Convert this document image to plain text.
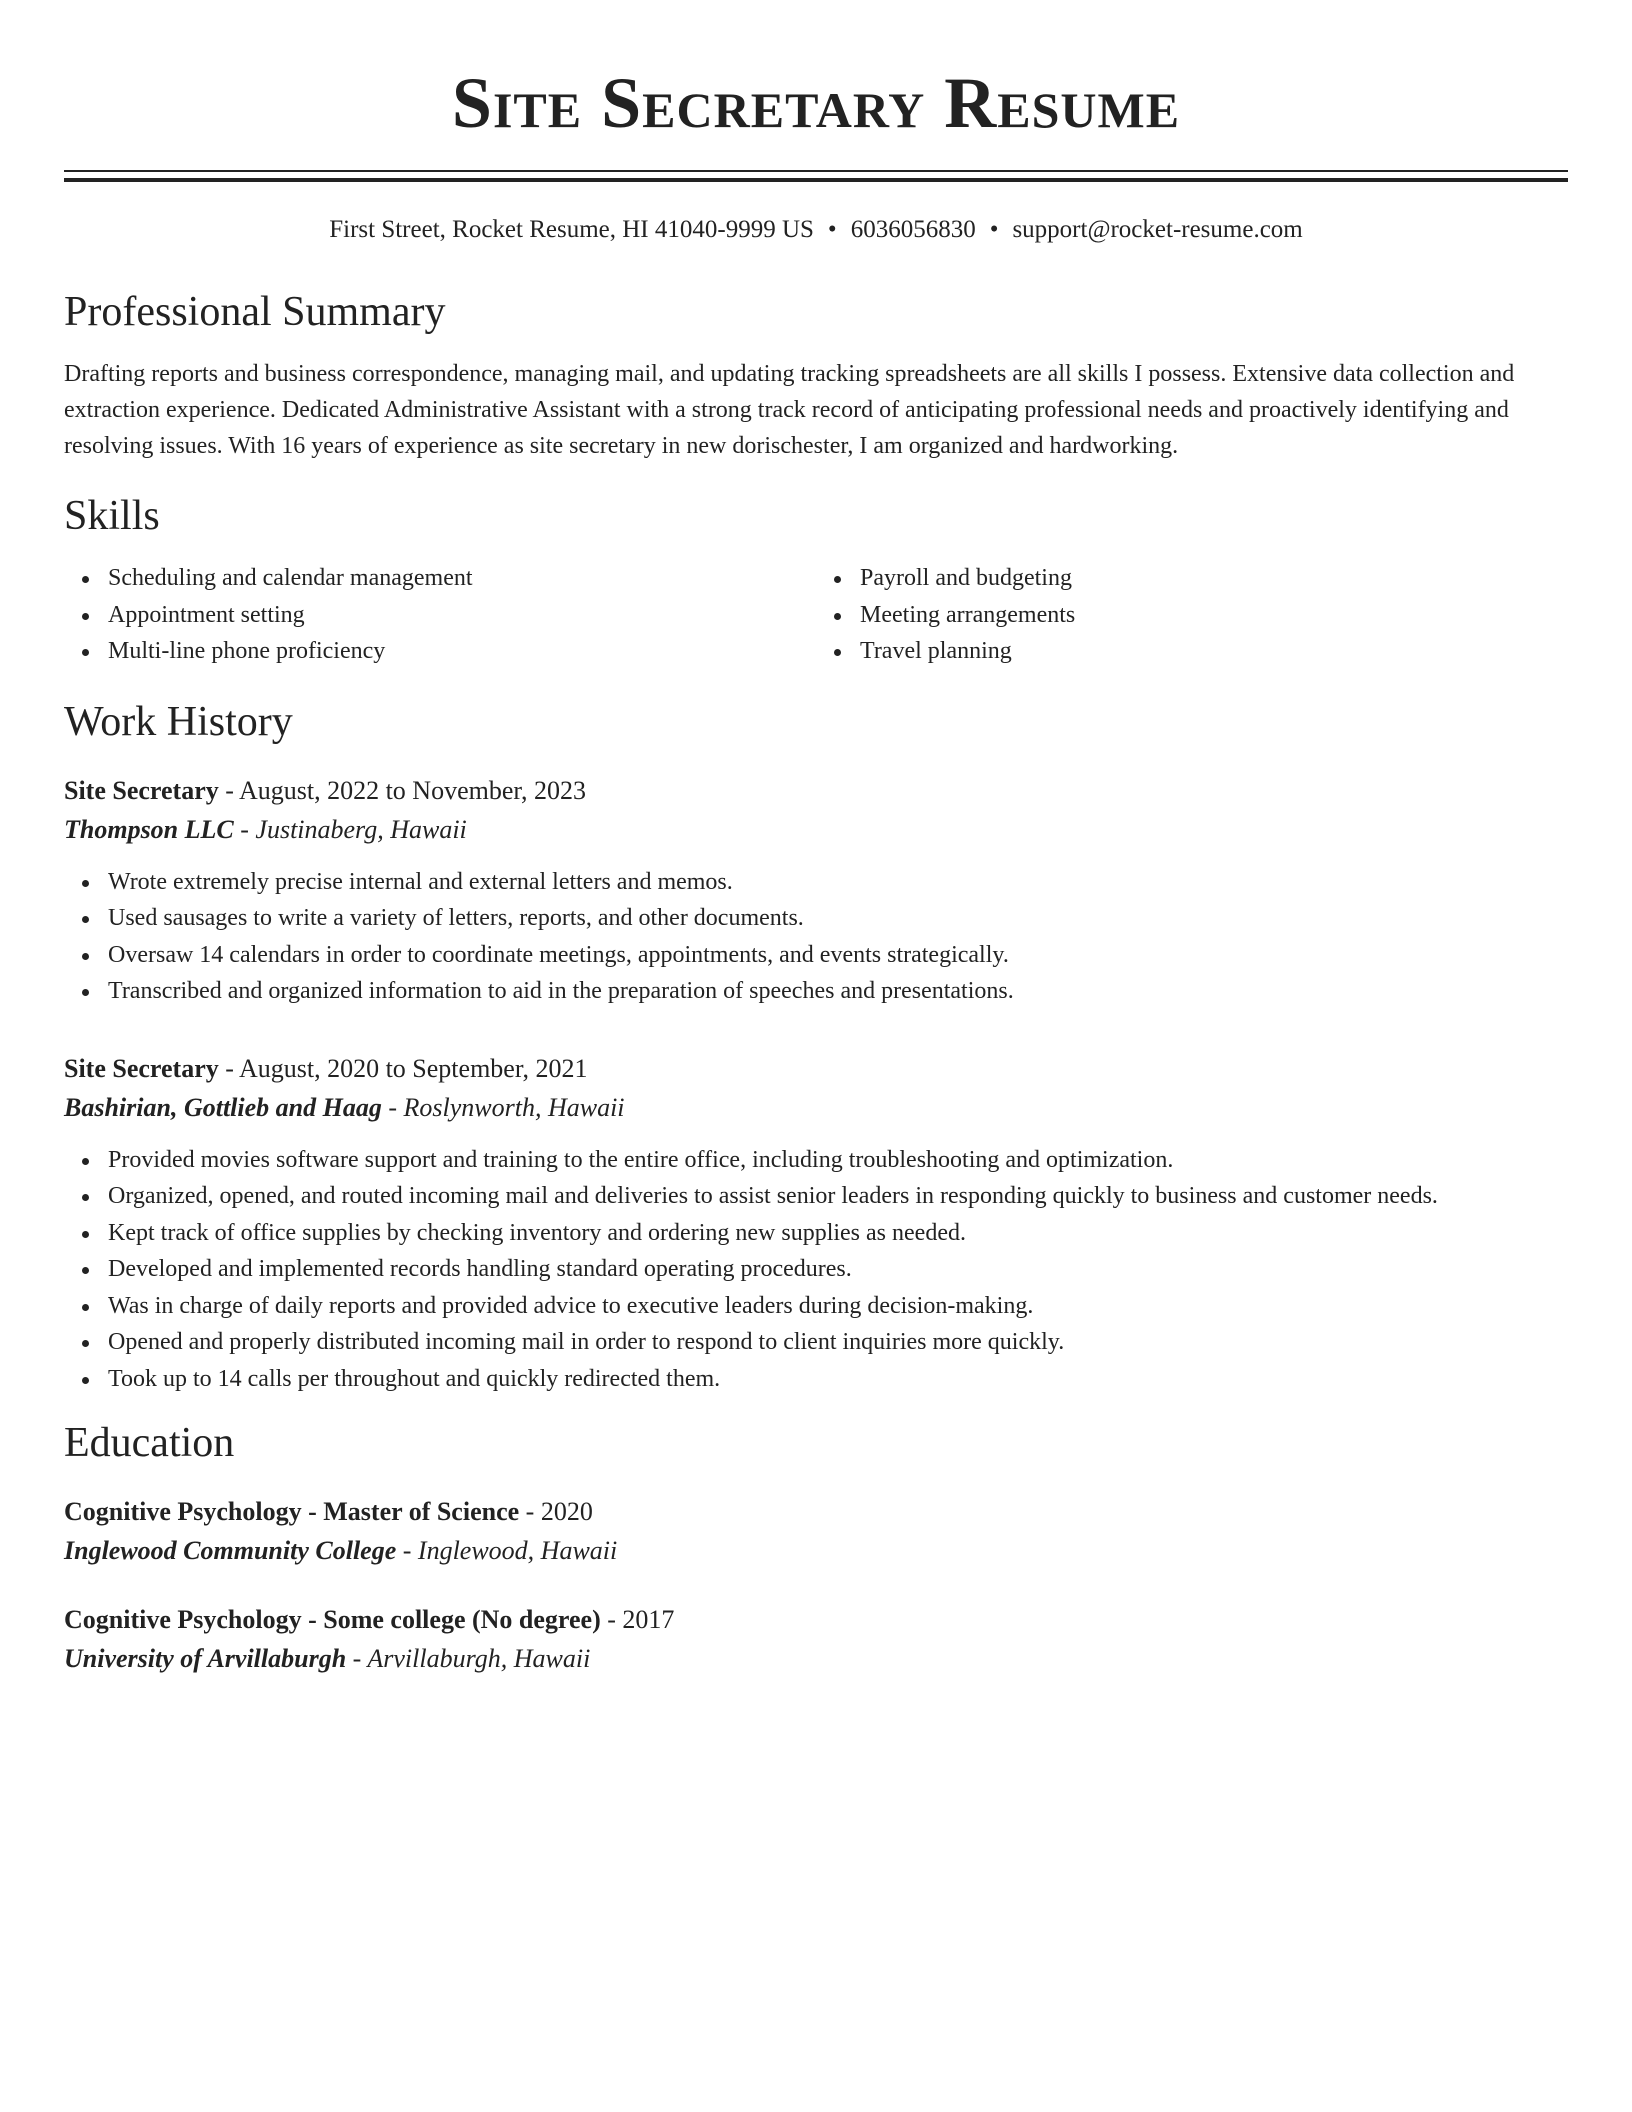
Site Secretary Resume
First Street, Rocket Resume, HI 41040-9999 US • 6036056830 • support@rocket-resume.com
Professional Summary
Drafting reports and business correspondence, managing mail, and updating tracking spreadsheets are all skills I possess. Extensive data collection and extraction experience. Dedicated Administrative Assistant with a strong track record of anticipating professional needs and proactively identifying and resolving issues. With 16 years of experience as site secretary in new dorischester, I am organized and hardworking.
Skills
Scheduling and calendar management
Appointment setting
Multi-line phone proficiency
Payroll and budgeting
Meeting arrangements
Travel planning
Work History
Site Secretary - August, 2022 to November, 2023
Thompson LLC - Justinaberg, Hawaii
Wrote extremely precise internal and external letters and memos.
Used sausages to write a variety of letters, reports, and other documents.
Oversaw 14 calendars in order to coordinate meetings, appointments, and events strategically.
Transcribed and organized information to aid in the preparation of speeches and presentations.
Site Secretary - August, 2020 to September, 2021
Bashirian, Gottlieb and Haag - Roslynworth, Hawaii
Provided movies software support and training to the entire office, including troubleshooting and optimization.
Organized, opened, and routed incoming mail and deliveries to assist senior leaders in responding quickly to business and customer needs.
Kept track of office supplies by checking inventory and ordering new supplies as needed.
Developed and implemented records handling standard operating procedures.
Was in charge of daily reports and provided advice to executive leaders during decision-making.
Opened and properly distributed incoming mail in order to respond to client inquiries more quickly.
Took up to 14 calls per throughout and quickly redirected them.
Education
Cognitive Psychology - Master of Science - 2020
Inglewood Community College - Inglewood, Hawaii
Cognitive Psychology - Some college (No degree) - 2017
University of Arvillaburgh - Arvillaburgh, Hawaii
